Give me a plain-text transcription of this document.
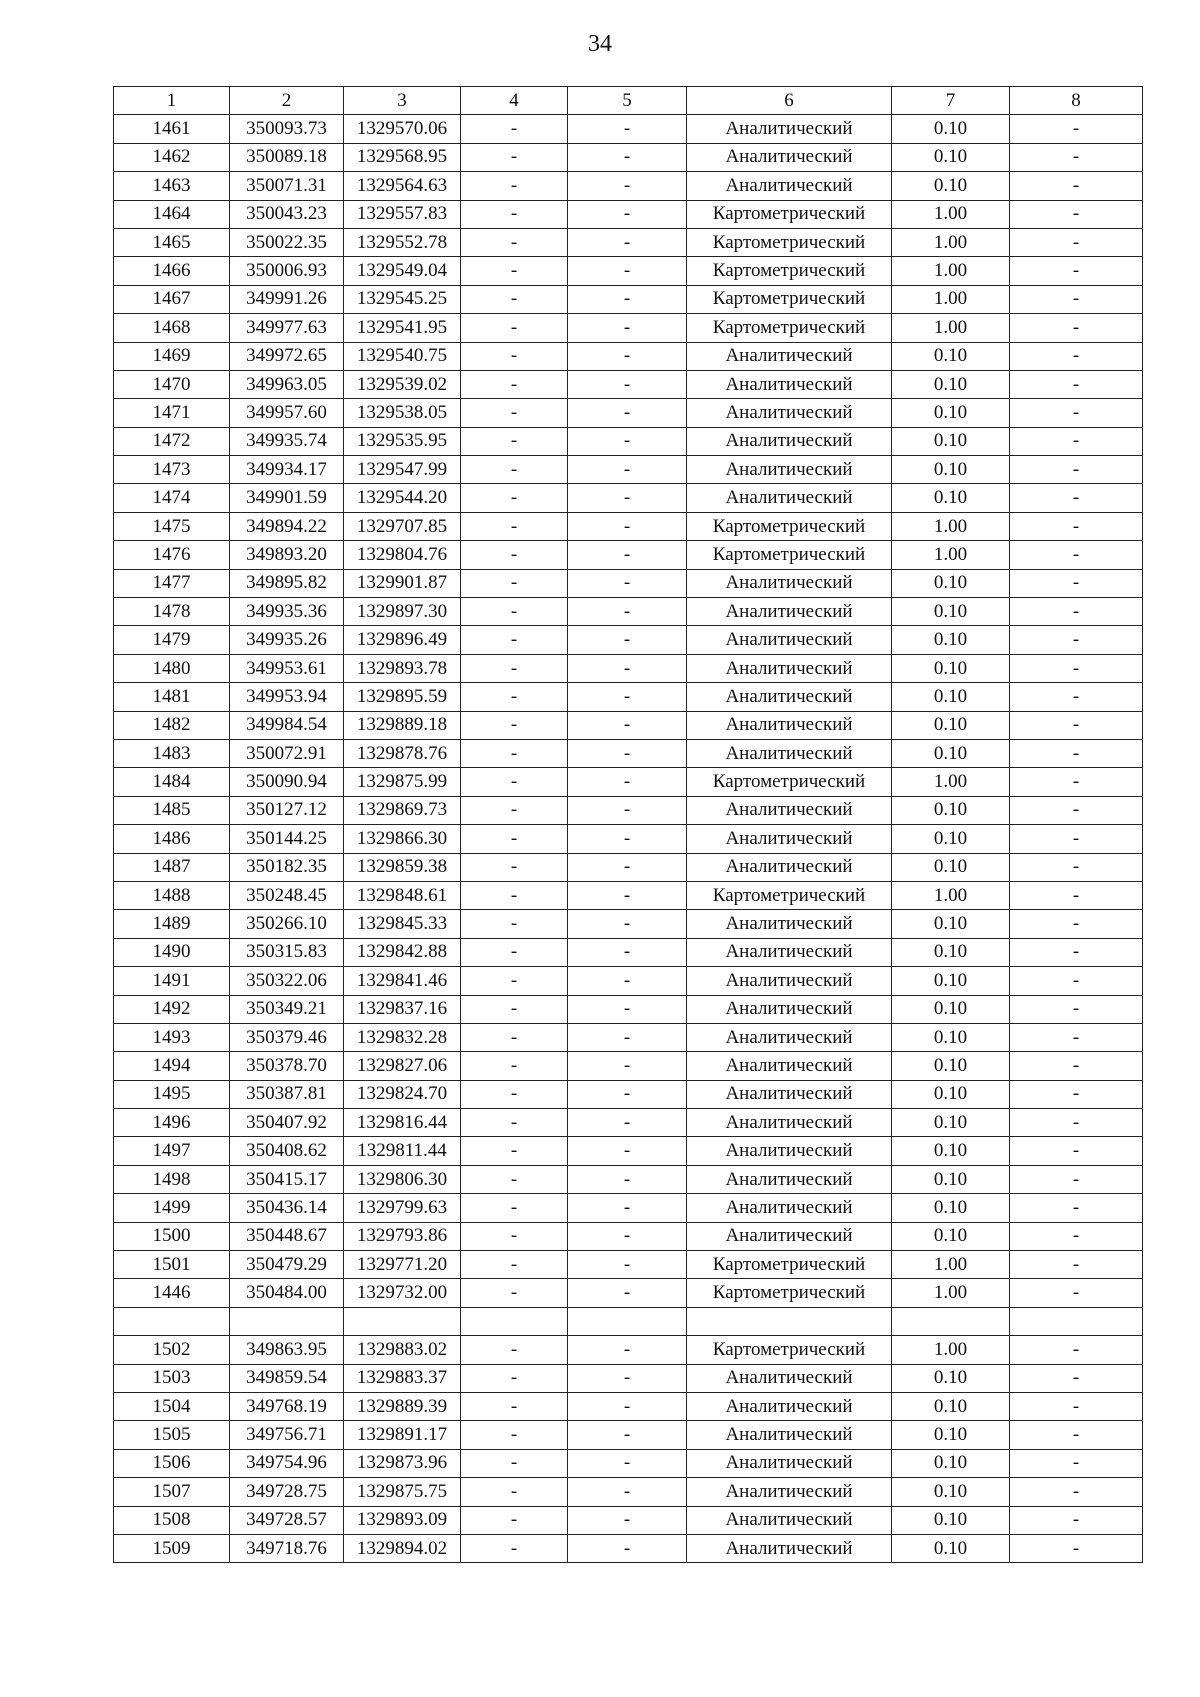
34
1	2	3	4	5	6	7	8
1461	350093.73	1329570.06	-	-	Аналитический	0.10	-
1462	350089.18	1329568.95	-	-	Аналитический	0.10	-
1463	350071.31	1329564.63	-	-	Аналитический	0.10	-
1464	350043.23	1329557.83	-	-	Картометрический	1.00	-
1465	350022.35	1329552.78	-	-	Картометрический	1.00	-
1466	350006.93	1329549.04	-	-	Картометрический	1.00	-
1467	349991.26	1329545.25	-	-	Картометрический	1.00	-
1468	349977.63	1329541.95	-	-	Картометрический	1.00	-
1469	349972.65	1329540.75	-	-	Аналитический	0.10	-
1470	349963.05	1329539.02	-	-	Аналитический	0.10	-
1471	349957.60	1329538.05	-	-	Аналитический	0.10	-
1472	349935.74	1329535.95	-	-	Аналитический	0.10	-
1473	349934.17	1329547.99	-	-	Аналитический	0.10	-
1474	349901.59	1329544.20	-	-	Аналитический	0.10	-
1475	349894.22	1329707.85	-	-	Картометрический	1.00	-
1476	349893.20	1329804.76	-	-	Картометрический	1.00	-
1477	349895.82	1329901.87	-	-	Аналитический	0.10	-
1478	349935.36	1329897.30	-	-	Аналитический	0.10	-
1479	349935.26	1329896.49	-	-	Аналитический	0.10	-
1480	349953.61	1329893.78	-	-	Аналитический	0.10	-
1481	349953.94	1329895.59	-	-	Аналитический	0.10	-
1482	349984.54	1329889.18	-	-	Аналитический	0.10	-
1483	350072.91	1329878.76	-	-	Аналитический	0.10	-
1484	350090.94	1329875.99	-	-	Картометрический	1.00	-
1485	350127.12	1329869.73	-	-	Аналитический	0.10	-
1486	350144.25	1329866.30	-	-	Аналитический	0.10	-
1487	350182.35	1329859.38	-	-	Аналитический	0.10	-
1488	350248.45	1329848.61	-	-	Картометрический	1.00	-
1489	350266.10	1329845.33	-	-	Аналитический	0.10	-
1490	350315.83	1329842.88	-	-	Аналитический	0.10	-
1491	350322.06	1329841.46	-	-	Аналитический	0.10	-
1492	350349.21	1329837.16	-	-	Аналитический	0.10	-
1493	350379.46	1329832.28	-	-	Аналитический	0.10	-
1494	350378.70	1329827.06	-	-	Аналитический	0.10	-
1495	350387.81	1329824.70	-	-	Аналитический	0.10	-
1496	350407.92	1329816.44	-	-	Аналитический	0.10	-
1497	350408.62	1329811.44	-	-	Аналитический	0.10	-
1498	350415.17	1329806.30	-	-	Аналитический	0.10	-
1499	350436.14	1329799.63	-	-	Аналитический	0.10	-
1500	350448.67	1329793.86	-	-	Аналитический	0.10	-
1501	350479.29	1329771.20	-	-	Картометрический	1.00	-
1446	350484.00	1329732.00	-	-	Картометрический	1.00	-

1502	349863.95	1329883.02	-	-	Картометрический	1.00	-
1503	349859.54	1329883.37	-	-	Аналитический	0.10	-
1504	349768.19	1329889.39	-	-	Аналитический	0.10	-
1505	349756.71	1329891.17	-	-	Аналитический	0.10	-
1506	349754.96	1329873.96	-	-	Аналитический	0.10	-
1507	349728.75	1329875.75	-	-	Аналитический	0.10	-
1508	349728.57	1329893.09	-	-	Аналитический	0.10	-
1509	349718.76	1329894.02	-	-	Аналитический	0.10	-
